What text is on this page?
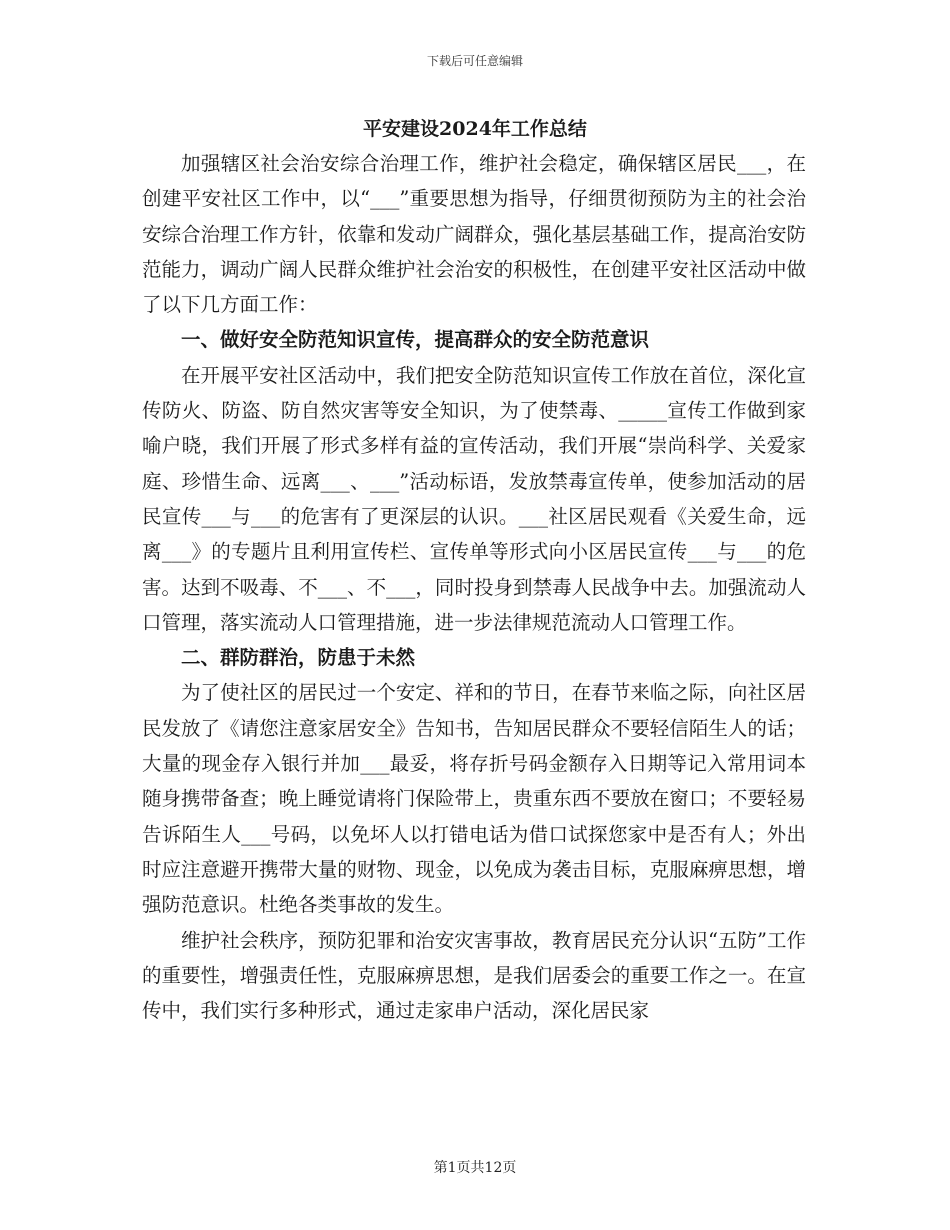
下载后可任意编辑
平安建设2024年工作总结

加强辖区社会治安综合治理工作，维护社会稳定，确保辖区居民___，在创建平安社区工作中，以“___”重要思想为指导，仔细贯彻预防为主的社会治安综合治理工作方针，依靠和发动广阔群众，强化基层基础工作，提高治安防范能力，调动广阔人民群众维护社会治安的积极性，在创建平安社区活动中做了以下几方面工作：

一、做好安全防范知识宣传，提高群众的安全防范意识

在开展平安社区活动中，我们把安全防范知识宣传工作放在首位，深化宣传防火、防盗、防自然灾害等安全知识，为了使禁毒、_____宣传工作做到家喻户晓，我们开展了形式多样有益的宣传活动，我们开展“崇尚科学、关爱家庭、珍惜生命、远离___、___”活动标语，发放禁毒宣传单，使参加活动的居民宣传___与___的危害有了更深层的认识。___社区居民观看《关爱生命，远离___》的专题片且利用宣传栏、宣传单等形式向小区居民宣传___与___的危害。达到不吸毒、不___、不___，同时投身到禁毒人民战争中去。加强流动人口管理，落实流动人口管理措施，进一步法律规范流动人口管理工作。

二、群防群治，防患于未然

为了使社区的居民过一个安定、祥和的节日，在春节来临之际，向社区居民发放了《请您注意家居安全》告知书，告知居民群众不要轻信陌生人的话；大量的现金存入银行并加___最妥，将存折号码金额存入日期等记入常用词本随身携带备查；晚上睡觉请将门保险带上，贵重东西不要放在窗口；不要轻易告诉陌生人___号码，以免坏人以打错电话为借口试探您家中是否有人；外出时应注意避开携带大量的财物、现金，以免成为袭击目标，克服麻痹思想，增强防范意识。杜绝各类事故的发生。

维护社会秩序，预防犯罪和治安灾害事故，教育居民充分认识“五防”工作的重要性，增强责任性，克服麻痹思想，是我们居委会的重要工作之一。在宣传中，我们实行多种形式，通过走家串户活动，深化居民家

第1页共12页
